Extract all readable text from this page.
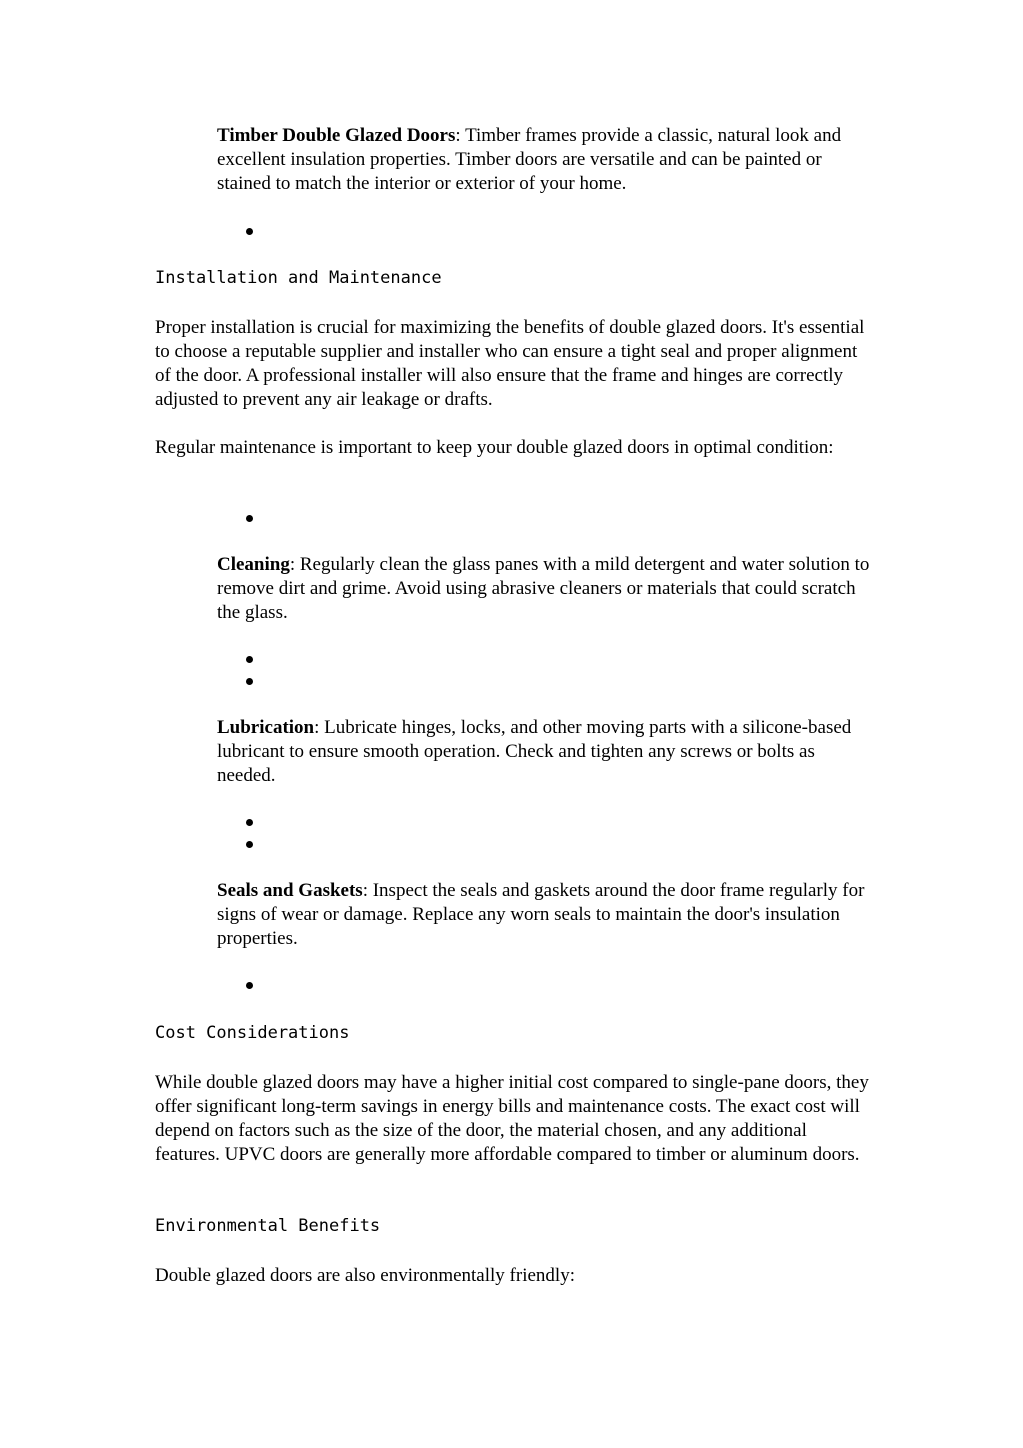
Timber Double Glazed Doors: Timber frames provide a classic, natural look and excellent insulation properties. Timber doors are versatile and can be painted or stained to match the interior or exterior of your home.

Installation and Maintenance

Proper installation is crucial for maximizing the benefits of double glazed doors. It's essential to choose a reputable supplier and installer who can ensure a tight seal and proper alignment of the door. A professional installer will also ensure that the frame and hinges are correctly adjusted to prevent any air leakage or drafts.

Regular maintenance is important to keep your double glazed doors in optimal condition:

Cleaning: Regularly clean the glass panes with a mild detergent and water solution to remove dirt and grime. Avoid using abrasive cleaners or materials that could scratch the glass.

Lubrication: Lubricate hinges, locks, and other moving parts with a silicone-based lubricant to ensure smooth operation. Check and tighten any screws or bolts as needed.

Seals and Gaskets: Inspect the seals and gaskets around the door frame regularly for signs of wear or damage. Replace any worn seals to maintain the door's insulation properties.

Cost Considerations

While double glazed doors may have a higher initial cost compared to single-pane doors, they offer significant long-term savings in energy bills and maintenance costs. The exact cost will depend on factors such as the size of the door, the material chosen, and any additional features. UPVC doors are generally more affordable compared to timber or aluminum doors.

Environmental Benefits

Double glazed doors are also environmentally friendly:
